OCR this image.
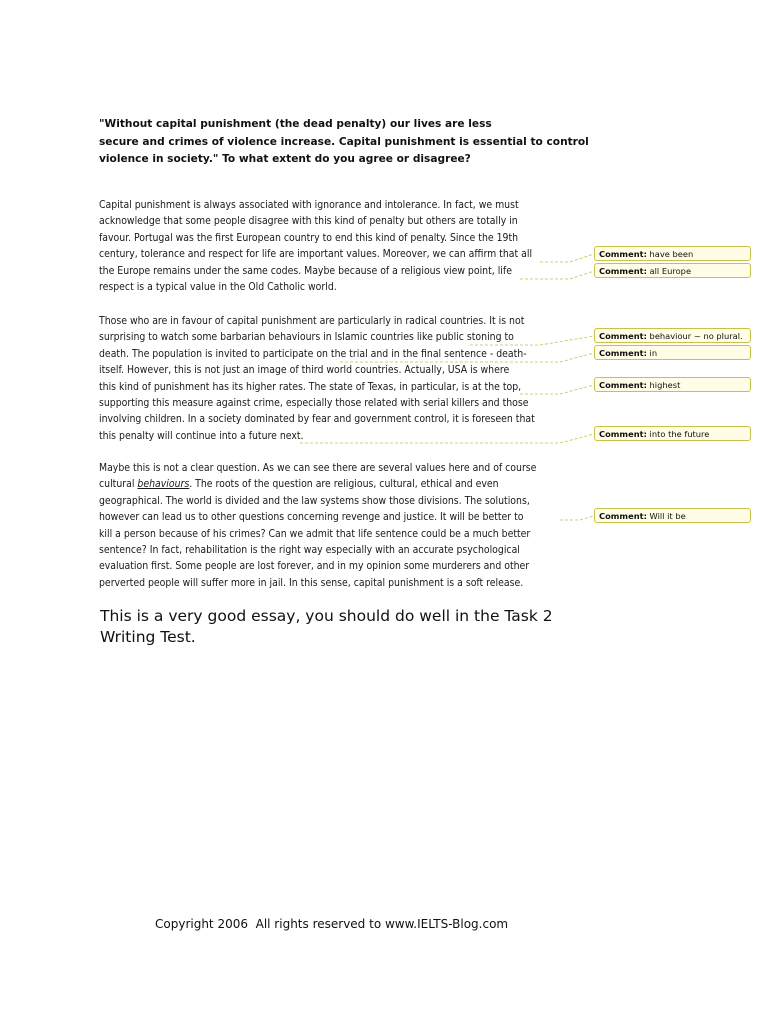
"Without capital punishment (the dead penalty) our lives are less
secure and crimes of violence increase. Capital punishment is essential to control
violence in society." To what extent do you agree or disagree?
Capital punishment is always associated with ignorance and intolerance. In fact, we must
acknowledge that some people disagree with this kind of penalty but others are totally in
favour. Portugal was the first European country to end this kind of penalty. Since the 19th
century, tolerance and respect for life are important values. Moreover, we can affirm that all
the Europe remains under the same codes. Maybe because of a religious view point, life
respect is a typical value in the Old Catholic world.
Those who are in favour of capital punishment are particularly in radical countries. It is not
surprising to watch some barbarian behaviours in Islamic countries like public stoning to
death. The population is invited to participate on the trial and in the final sentence - death-
itself. However, this is not just an image of third world countries. Actually, USA is where
this kind of punishment has its higher rates. The state of Texas, in particular, is at the top,
supporting this measure against crime, especially those related with serial killers and those
involving children. In a society dominated by fear and government control, it is foreseen that
this penalty will continue into a future next.
Maybe this is not a clear question. As we can see there are several values here and of course
cultural behaviours. The roots of the question are religious, cultural, ethical and even
geographical. The world is divided and the law systems show those divisions. The solutions,
however can lead us to other questions concerning revenge and justice. It will be better to
kill a person because of his crimes? Can we admit that life sentence could be a much better
sentence? In fact, rehabilitation is the right way especially with an accurate psychological
evaluation first. Some people are lost forever, and in my opinion some murderers and other
perverted people will suffer more in jail. In this sense, capital punishment is a soft release.
This is a very good essay, you should do well in the Task 2
Writing Test.
Comment: have been
Comment: all Europe
Comment: behaviour ~ no plural.
Comment: in
Comment: highest
Comment: into the future
Comment: Will it be
Copyright 2006  All rights reserved to www.IELTS-Blog.com
